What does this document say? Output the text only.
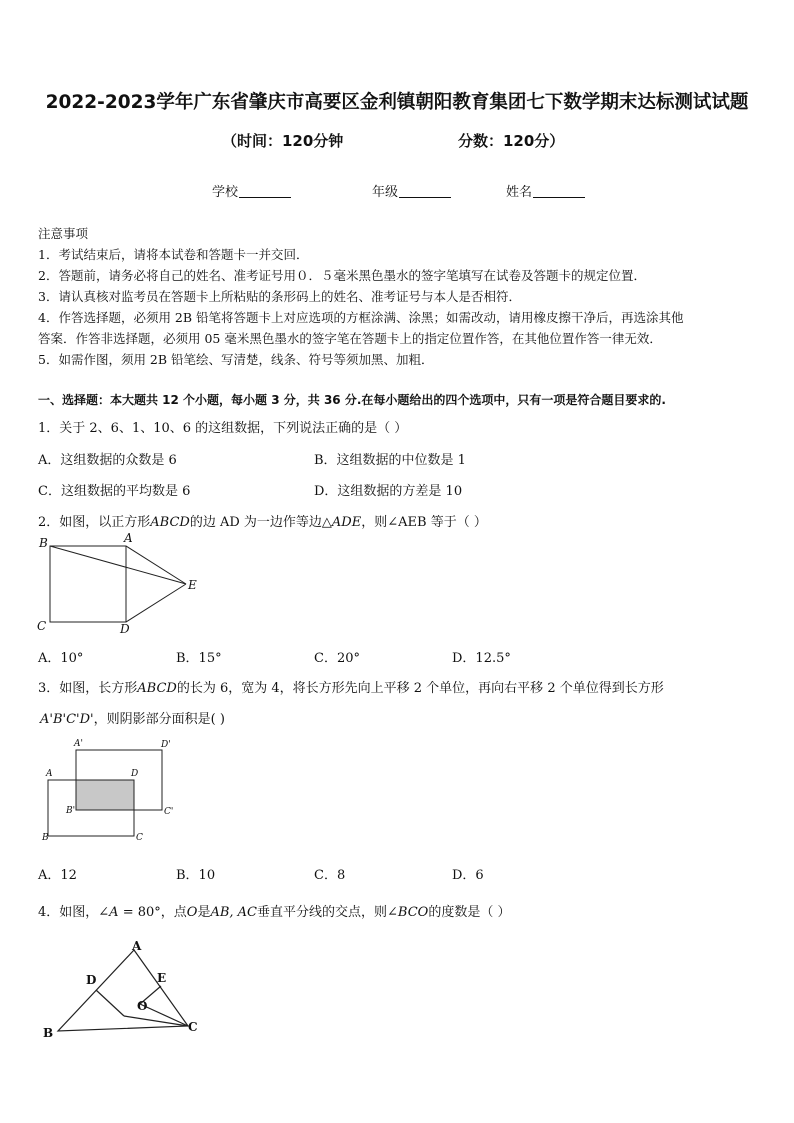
2022-2023学年广东省肇庆市高要区金利镇朝阳教育集团七下数学期末达标测试试题
（时间：120分钟	分数：120分）
学校	年级	姓名
注意事项
1．考试结束后，请将本试卷和答题卡一并交回．
2．答题前，请务必将自己的姓名、准考证号用０．５毫米黑色墨水的签字笔填写在试卷及答题卡的规定位置．
3．请认真核对监考员在答题卡上所粘贴的条形码上的姓名、准考证号与本人是否相符．
4．作答选择题，必须用 2B 铅笔将答题卡上对应选项的方框涂满、涂黑；如需改动，请用橡皮擦干净后，再选涂其他
答案．作答非选择题，必须用 05 毫米黑色墨水的签字笔在答题卡上的指定位置作答，在其他位置作答一律无效．
5．如需作图，须用 2B 铅笔绘、写清楚，线条、符号等须加黑、加粗．
一、选择题：本大题共 12 个小题，每小题 3 分，共 36 分.在每小题给出的四个选项中，只有一项是符合题目要求的.
1．关于 2、6、1、10、6 的这组数据，下列说法正确的是（ ）
A．这组数据的众数是 6	B．这组数据的中位数是 1
C．这组数据的平均数是 6	D．这组数据的方差是 10
2．如图，以正方形ABCD的边 AD 为一边作等边△ADE，则∠AEB 等于（ ）
B	A
E
C	D
A．10°	B．15°	C．20°	D．12.5°
3．如图，长方形ABCD的长为 6，宽为 4，将长方形先向上平移 2 个单位，再向右平移 2 个单位得到长方形
A'B'C'D'，则阴影部分面积是( )
A'	D'
A	D
B'	C'
B	C
A．12	B．10	C．8	D．6
4．如图，∠A = 80°，点O是AB, AC垂直平分线的交点，则∠BCO的度数是（ ）
A
D	E
O
B	C
